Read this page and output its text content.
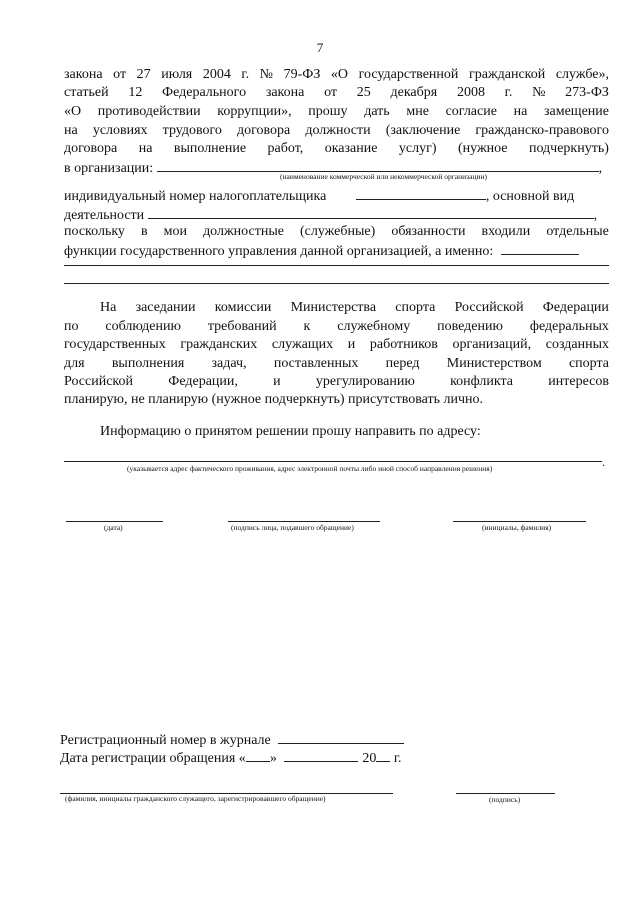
7
закона от 27 июля 2004 г. № 79-ФЗ «О государственной гражданской службе»,
статьей 12 Федерального закона от 25 декабря 2008 г. № 273-ФЗ
«О противодействии коррупции», прошу дать мне согласие на замещение
на условиях трудового договора должности (заключение гражданско-правового
договора на выполнение работ, оказание услуг) (нужное подчеркнуть)
в организации:	,
(наименование коммерческой или некоммерческой организации)
индивидуальный номер налогоплательщика	, основной вид
деятельности	,
поскольку в мои должностные (служебные) обязанности входили отдельные
функции государственного управления данной организацией, а именно:
На заседании комиссии Министерства спорта Российской Федерации
по соблюдению требований к служебному поведению федеральных
государственных гражданских служащих и работников организаций, созданных
для выполнения задач, поставленных перед Министерством спорта
Российской	Федерации,	и	урегулированию	конфликта	интересов
планирую, не планирую (нужное подчеркнуть) присутствовать лично.
Информацию о принятом решении прошу направить по адресу:
.
(указывается адрес фактического проживания, адрес электронной почты либо иной способ направления решения)
(дата)	(подпись лица, подавшего обращение)	(инициалы, фамилия)
Регистрационный номер в журнале
Дата регистрации обращения « »	20 г.
(фамилия, инициалы гражданского служащего, зарегистрировавшего обращение)	(подпись)
